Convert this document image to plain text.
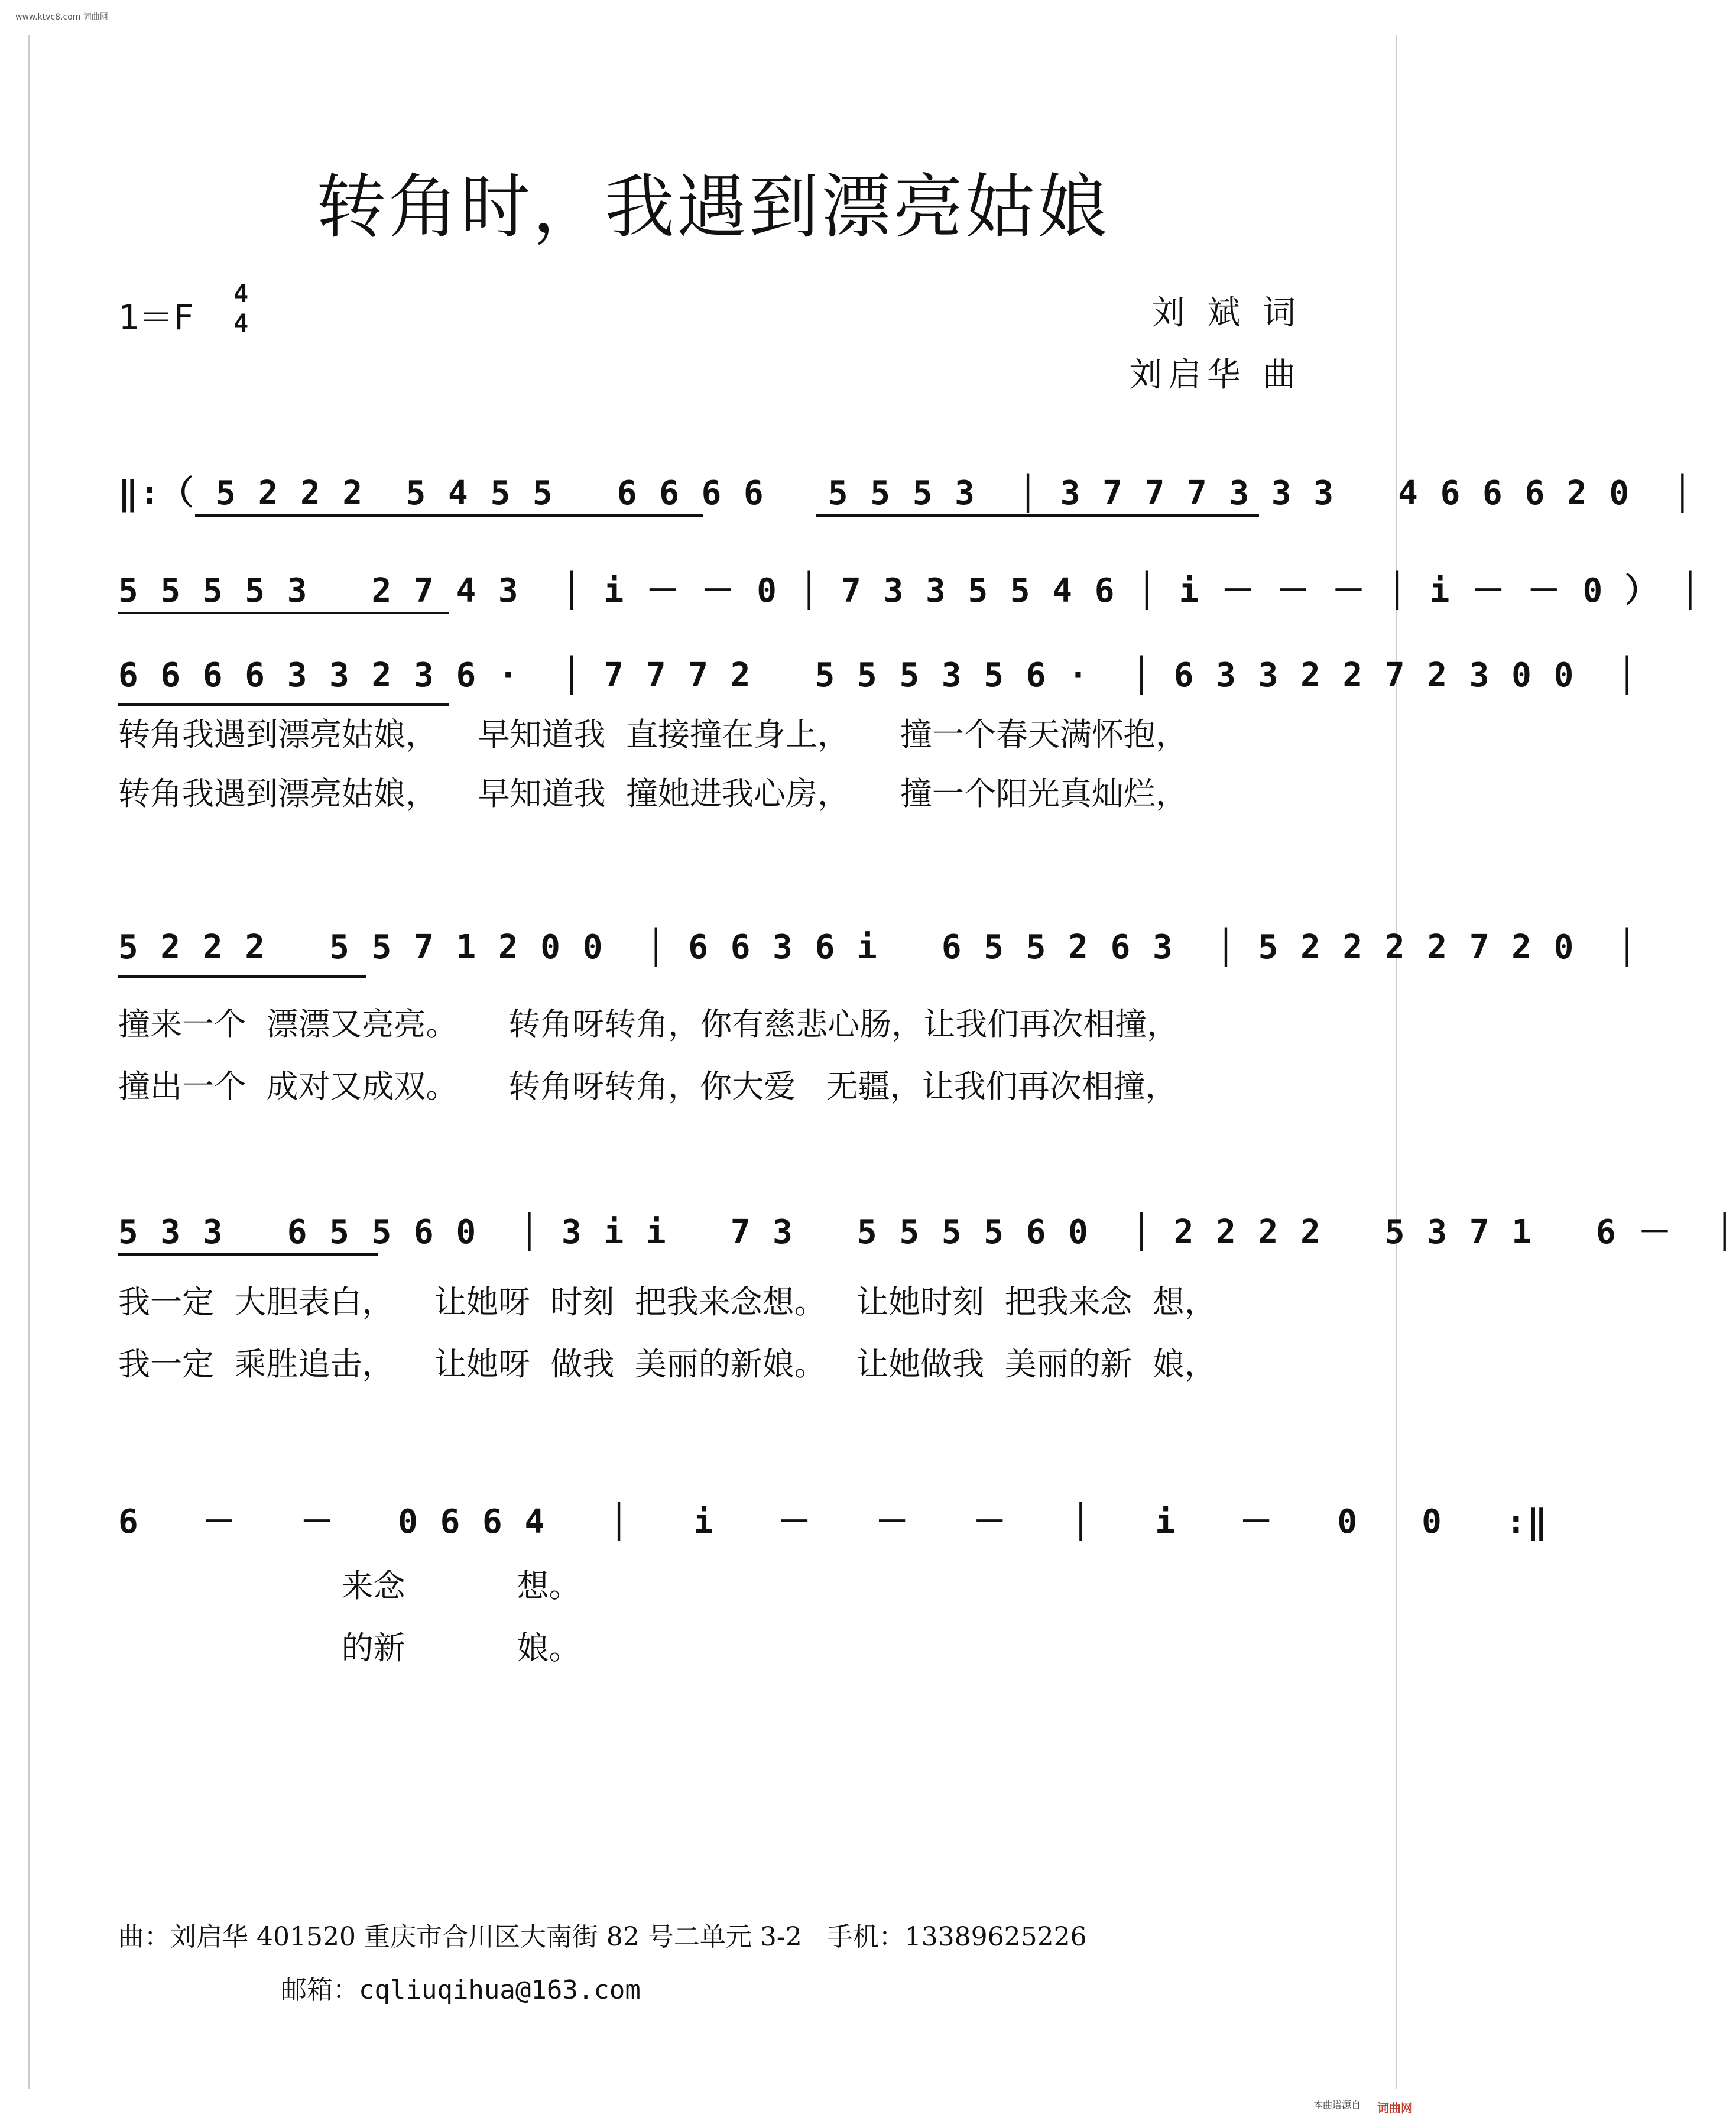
www.ktvc8.com 词曲网
转角时，我遇到漂亮姑娘
1＝F
4
4	刘 斌 词
刘启华 曲

‖:（ 5 2 2 2  5 4 5 5   6 6 6 6   5 5 5 3  │ 3 7 7 7 3 3 3   4 6 6 6 2 0  │

5 5 5 5 3   2 7 4 3  │ i － － 0 │ 7 3 3 5 5 4 6 │ i － － － │ i － － 0 ） │

6 6 6 6 3 3 2 3 6 ·  │ 7 7 7 2   5 5 5 3 5 6 ·  │ 6 3 3 2 2 7 2 3 0 0  │

转角我遇到漂亮姑娘，    早知道我  直接撞在身上，     撞一个春天满怀抱，
转角我遇到漂亮姑娘，    早知道我  撞她进我心房，     撞一个阳光真灿烂，

5 2 2 2   5 5 7 1 2 0 0  │ 6 6 3 6 i   6 5 5 2 6 3  │ 5 2 2 2 2 7 2 0  │

撞来一个  漂漂又亮亮。     转角呀转角，你有慈悲心肠，让我们再次相撞，
撞出一个  成对又成双。     转角呀转角，你大爱   无疆，让我们再次相撞，

5 3 3   6 5 5 6 0  │ 3 i i   7 3   5 5 5 5 6 0  │ 2 2 2 2   5 3 7 1   6 －  │

我一定  大胆表白，    让她呀  时刻  把我来念想。   让她时刻  把我来念  想，
我一定  乘胜追击，    让她呀  做我  美丽的新娘。   让她做我  美丽的新  娘，

6   －   －   0 6 6 4   │   i   －   －   －   │   i   －   0   0   :‖

来念           想。
的新           娘。
曲：刘启华 401520 重庆市合川区大南街 82 号二单元 3-2   手机：13389625226
邮箱：cqliuqihua@163.com
本曲谱源自 词曲网
